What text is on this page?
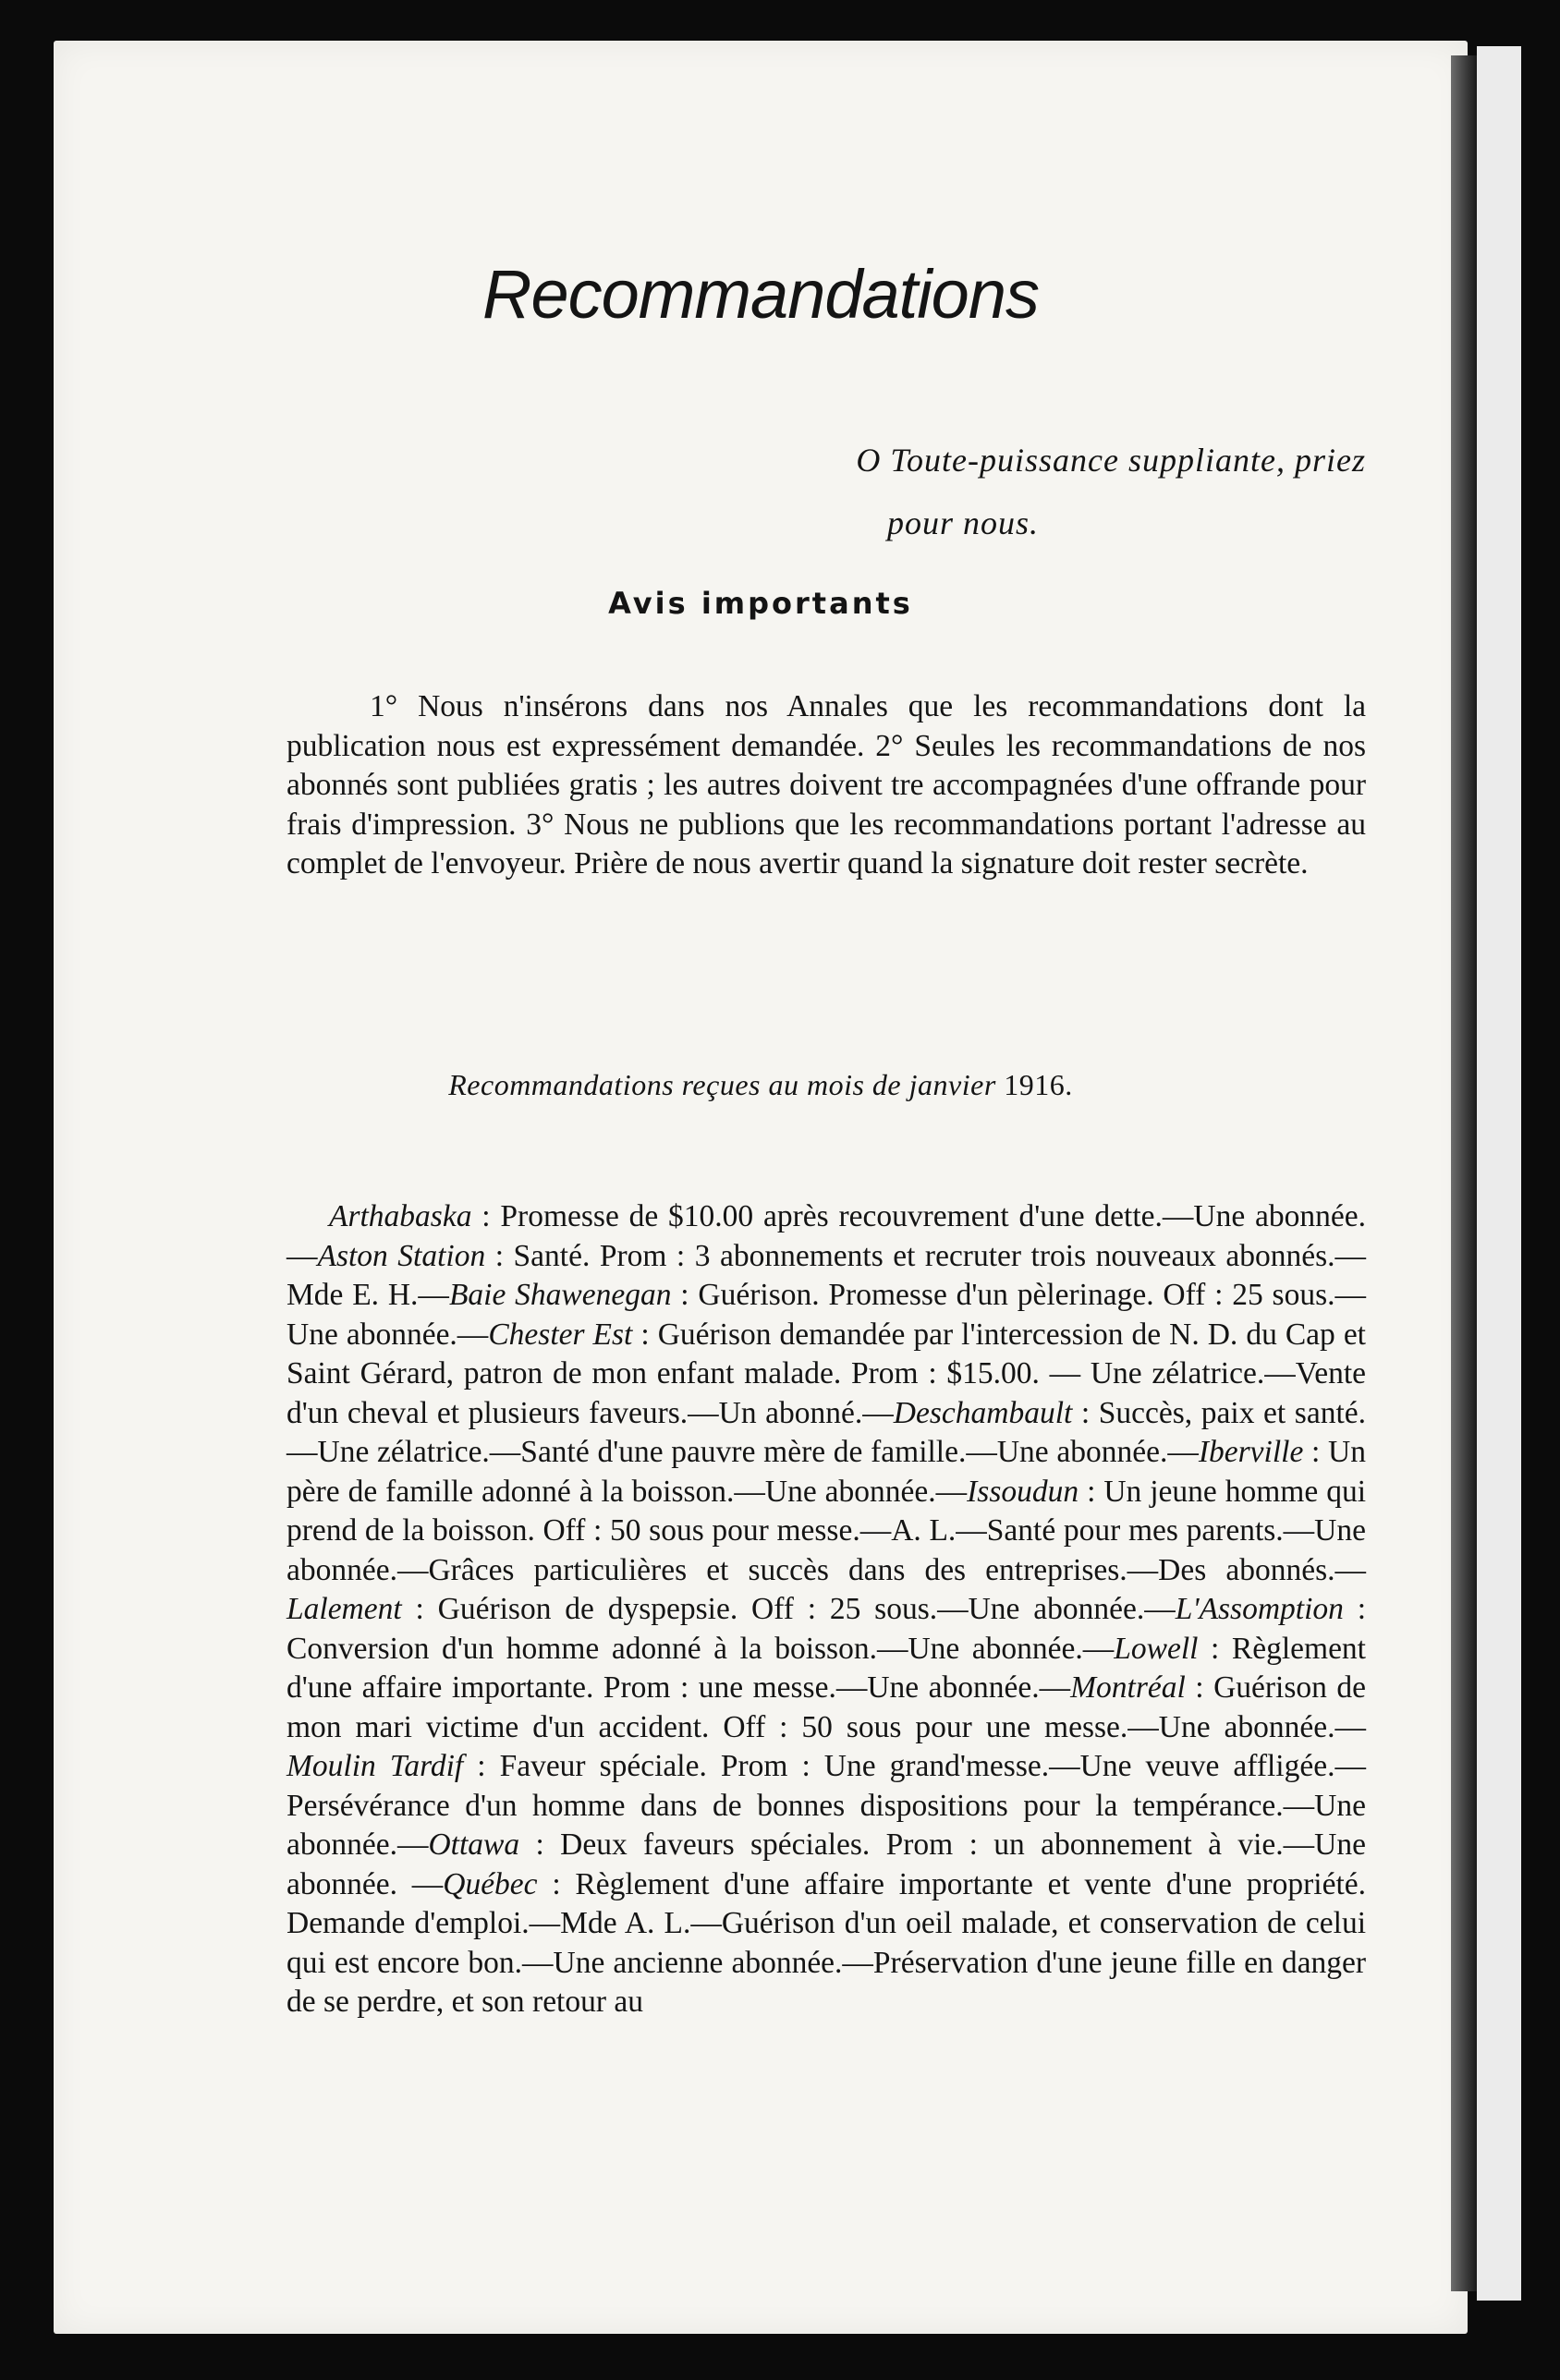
Recommandations
O Toute-puissance suppliante, priez
pour nous.
Avis importants

1° Nous n'insérons dans nos Annales que les recommandations dont la publication nous est expressément demandée. 2° Seules les recommandations de nos abonnés sont publiées gratis ; les autres doivent tre accompagnées d'une offrande pour frais d'impression. 3° Nous ne publions que les recommandations portant l'adresse au complet de l'envoyeur. Prière de nous avertir quand la signature doit rester secrète.

Recommandations reçues au mois de janvier 1916.

Arthabaska : Promesse de $10.00 après recouvrement d'une dette.—Une abonnée.—Aston Station : Santé. Prom : 3 abonnements et recruter trois nouveaux abonnés.—Mde E. H.—Baie Shawenegan : Guérison. Promesse d'un pèlerinage. Off : 25 sous.—Une abonnée.—Chester Est : Guérison demandée par l'intercession de N. D. du Cap et Saint Gérard, patron de mon enfant malade. Prom : $15.00. — Une zélatrice.—Vente d'un cheval et plusieurs faveurs.—Un abonné.—Deschambault : Succès, paix et santé.—Une zélatrice.—Santé d'une pauvre mère de famille.—Une abonnée.—Iberville : Un père de famille adonné à la boisson.—Une abonnée.—Issoudun : Un jeune homme qui prend de la boisson. Off : 50 sous pour messe.—A. L.—Santé pour mes parents.—Une abonnée.—Grâces particulières et succès dans des entreprises.—Des abonnés.—Lalement : Guérison de dyspepsie. Off : 25 sous.—Une abonnée.—L'Assomption : Conversion d'un homme adonné à la boisson.—Une abonnée.—Lowell : Règlement d'une affaire importante. Prom : une messe.—Une abonnée.—Montréal : Guérison de mon mari victime d'un accident. Off : 50 sous pour une messe.—Une abonnée.—Moulin Tardif : Faveur spéciale. Prom : Une grand'messe.—Une veuve affligée.—Persévérance d'un homme dans de bonnes dispositions pour la tempérance.—Une abonnée.—Ottawa : Deux faveurs spéciales. Prom : un abonnement à vie.—Une abonnée. —Québec : Règlement d'une affaire importante et vente d'une propriété. Demande d'emploi.—Mde A. L.—Guérison d'un oeil malade, et conservation de celui qui est encore bon.—Une ancienne abonnée.—Préservation d'une jeune fille en danger de se perdre, et son retour au
